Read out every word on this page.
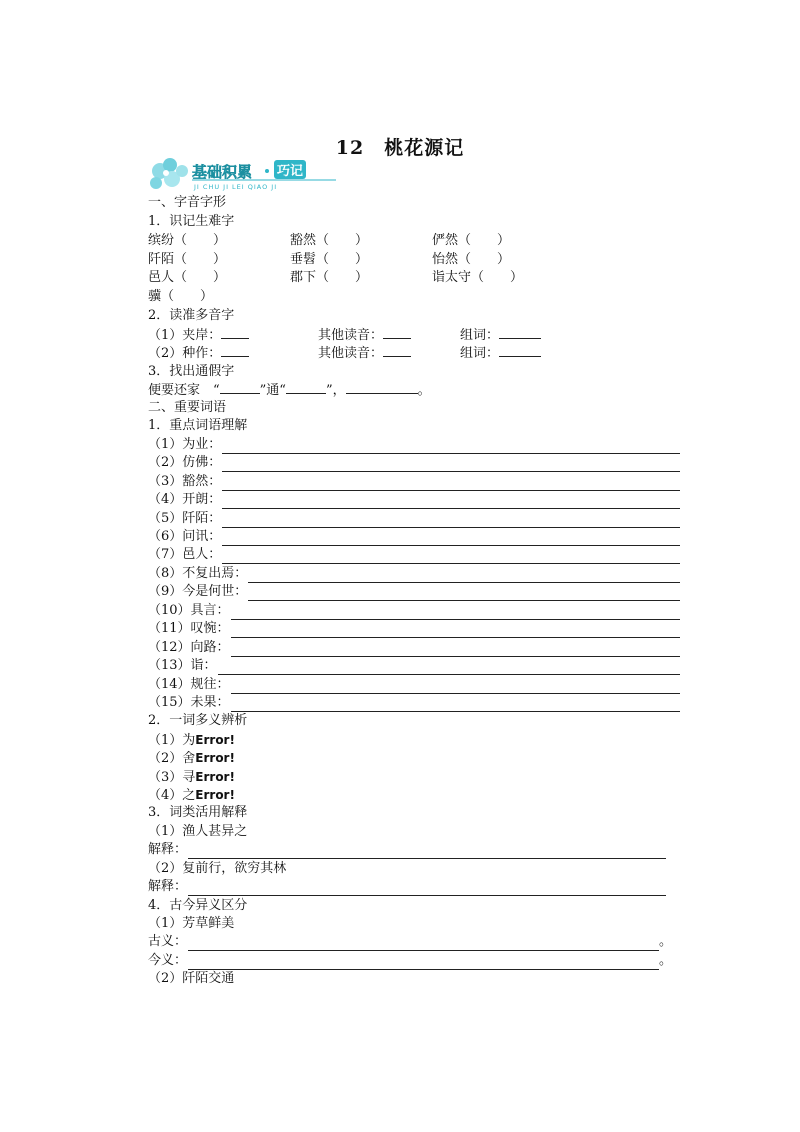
12　桃花源记
基础积累 巧记
JI CHU JI LEI QIAO JI
一、字音字形
1．识记生难字
缤纷（　　）	豁然（　　）	俨然（　　）
阡陌（　　）	垂髫（　　）	怡然（　　）
邑人（　　）	郡下（　　）	诣太守（　　）
骥（　　）
2．读准多音字
（1）夹岸：	其他读音：	组词：
（2）种作：	其他读音：	组词：
3．找出通假字
便要还家　“	”通“	”，	。
二、重要词语
1．重点词语理解
（1）为业：
（2）仿佛：
（3）豁然：
（4）开朗：
（5）阡陌：
（6）问讯：
（7）邑人：
（8）不复出焉：
（9）今是何世：
（10）具言：
（11）叹惋：
（12）向路：
（13）诣：
（14）规往：
（15）未果：
2．一词多义辨析
（1）为Error!
（2）舍Error!
（3）寻Error!
（4）之Error!
3．词类活用解释
（1）渔人甚异之
解释：
（2）复前行，欲穷其林
解释：
4．古今异义区分
（1）芳草鲜美
古义：	。
今义：	。
（2）阡陌交通
